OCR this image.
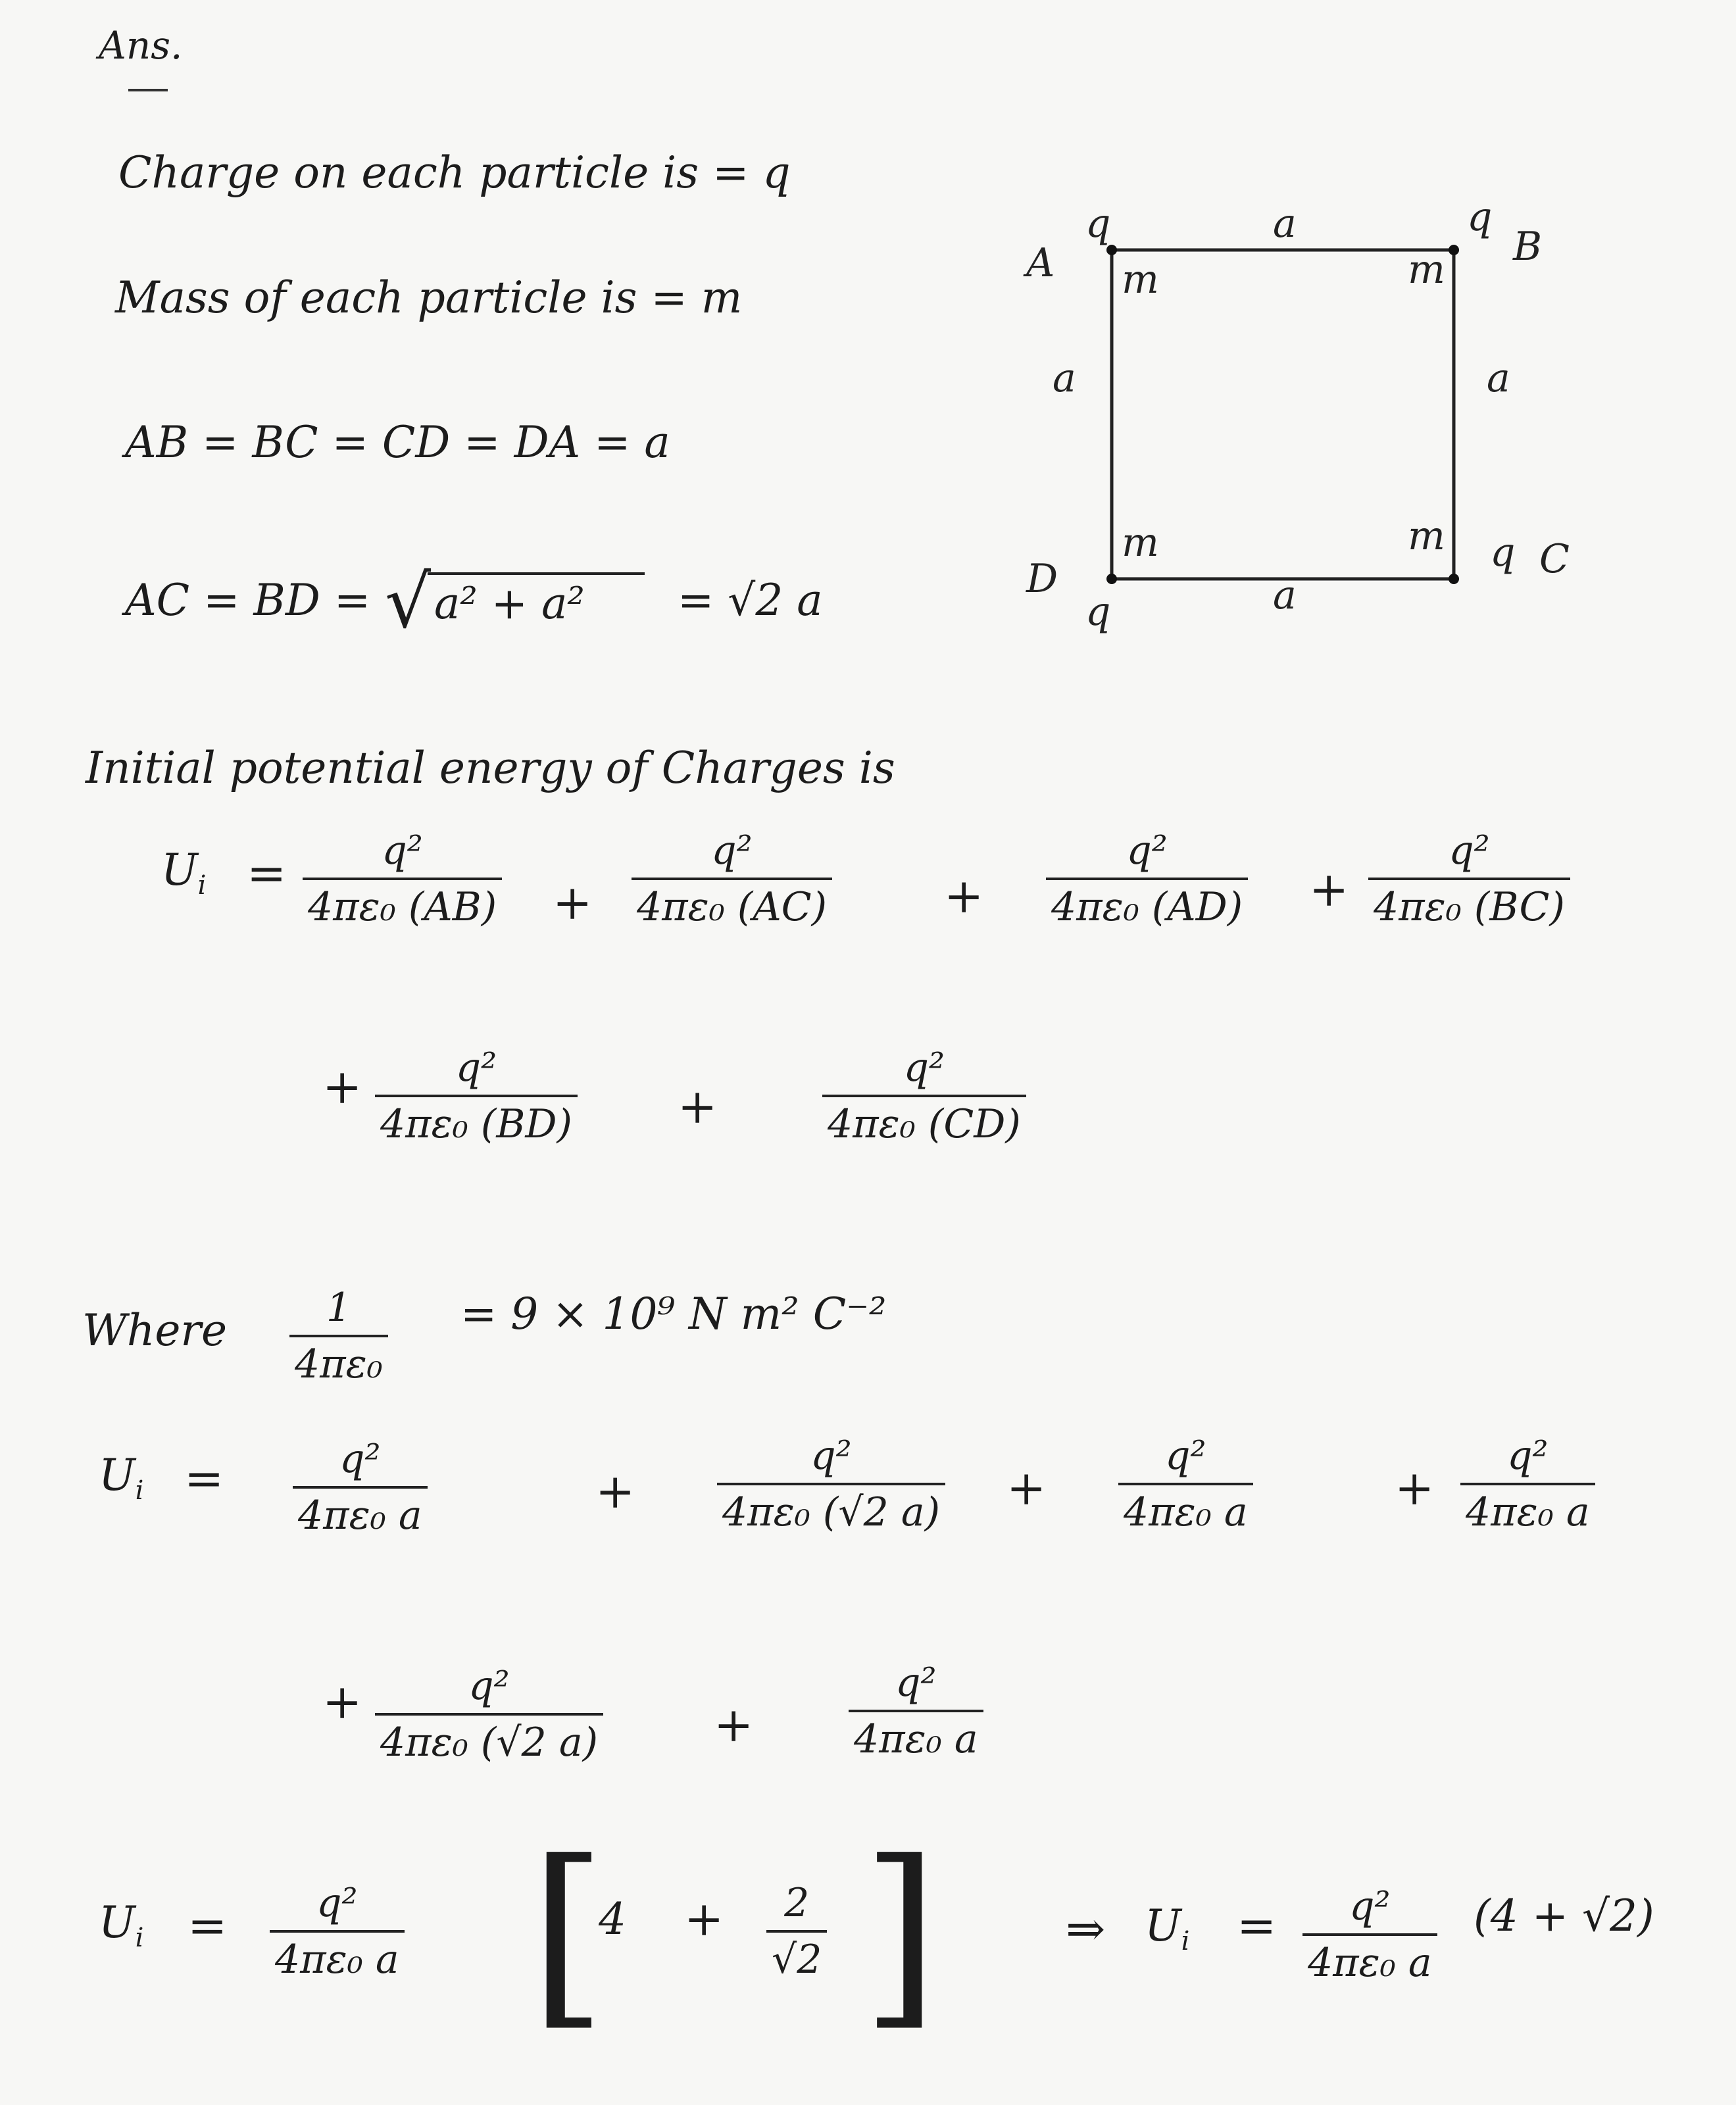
Ans.
Charge on each particle is = q
Mass of each particle is = m
AB = BC = CD = DA = a
AC = BD = √ a² + a² = √2 a
A	B
C
D
q	q
q
q
m	m
m
m
a
a	a
a
Initial potential energy of Charges is
$U_i = \frac{\text{q²}}{\text{4πε₀ (AB)}} + \frac{\text{q²}}{\text{4πε₀ (AC)}} + \frac{\text{q²}}{\text{4πε₀ (AD)}} + \frac{\text{q²}}{\text{4πε₀ (BC)}}$
+ $\frac{\text{q²}}{\text{4πε₀ (BD)}}$ +	$\frac{\text{q²}}{\text{4πε₀ (CD)}}$
Where $\frac{1}{\text{4πε₀}} = 9 \times 10^9$ N m² C⁻²
$U_i = \frac{\text{q²}}{\text{4πε₀ a}}$	+ $\frac{\text{q²}}{\text{4πε₀ (√2 a)}} + \frac{\text{q²}}{\text{4πε₀ a}}$	+ $\frac{\text{q²}}{\text{4πε₀ a}}$
+ $\frac{\text{q²}}{\text{4πε₀ (√2 a)}} + \frac{\text{q²}}{\text{4πε₀ a}}$
$U_i = \frac{\text{q²}}{\text{4πε₀ a}}$ [
$4 + \frac{2}{√2}$ ]	⇒ $U_i = \frac{\text{q²}}{\text{4πε₀ a}} (4 + √2)$
